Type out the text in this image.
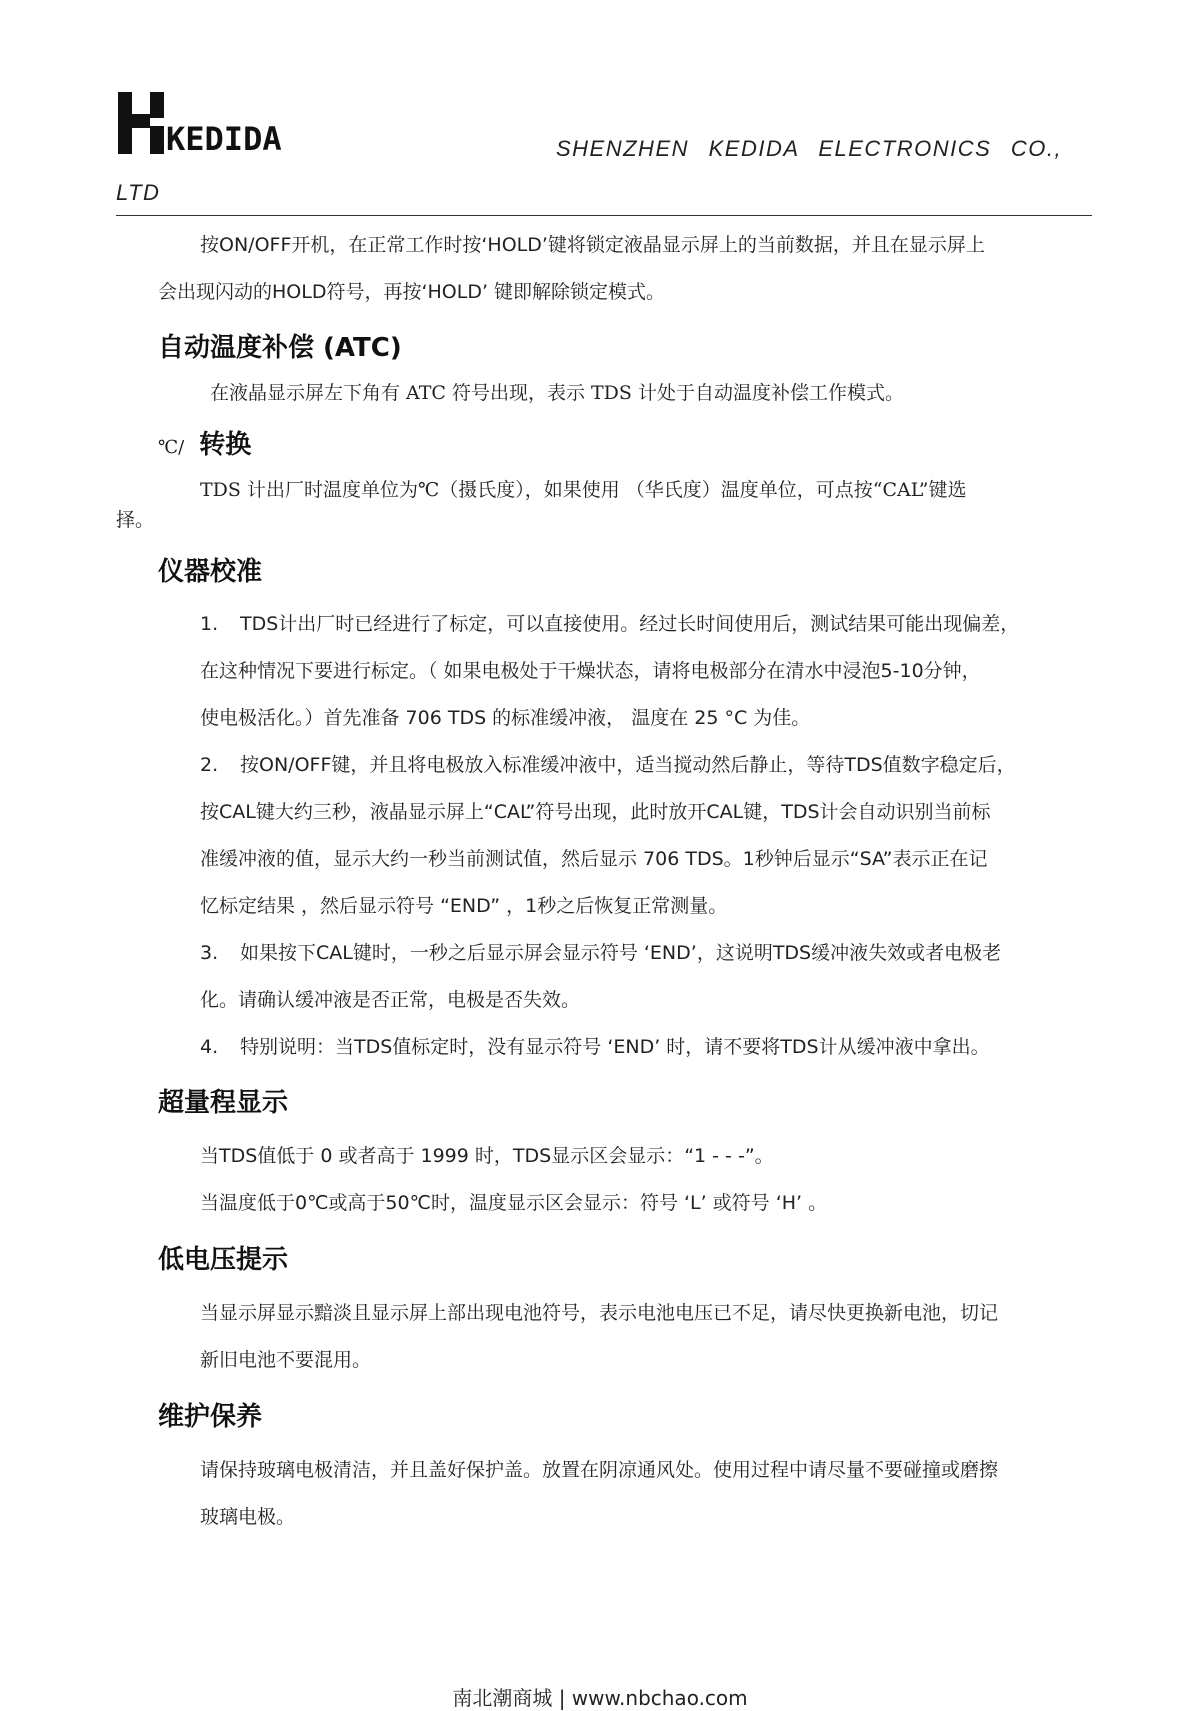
KEDIDA	SHENZHEN KEDIDA ELECTRONICS CO.,
LTD
按ON/OFF开机，在正常工作时按‘HOLD’键将锁定液晶显示屏上的当前数据，并且在显示屏上
会出现闪动的HOLD符号，再按‘HOLD’ 键即解除锁定模式。
自动温度补偿 (ATC)
在液晶显示屏左下角有 ATC 符号出现，表示 TDS 计处于自动温度补偿工作模式。
℃/ 转换
TDS 计出厂时温度单位为℃（摄氏度），如果使用 （华氏度）温度单位，可点按“CAL”键选
择。
仪器校准
1. TDS计出厂时已经进行了标定，可以直接使用。经过长时间使用后，测试结果可能出现偏差，
在这种情况下要进行标定。（ 如果电极处于干燥状态，请将电极部分在清水中浸泡5-10分钟，
使电极活化。）首先准备 706 TDS 的标准缓冲液， 温度在 25 °C 为佳。
2. 按ON/OFF键，并且将电极放入标准缓冲液中，适当搅动然后静止，等待TDS值数字稳定后，
按CAL键大约三秒，液晶显示屏上“CAL”符号出现，此时放开CAL键，TDS计会自动识别当前标
准缓冲液的值，显示大约一秒当前测试值，然后显示 706 TDS。1秒钟后显示“SA”表示正在记
忆标定结果 ，然后显示符号 “END” ，1秒之后恢复正常测量。
3. 如果按下CAL键时，一秒之后显示屏会显示符号 ‘END’，这说明TDS缓冲液失效或者电极老
化。请确认缓冲液是否正常，电极是否失效。
4. 特别说明：当TDS值标定时，没有显示符号 ‘END’ 时，请不要将TDS计从缓冲液中拿出。
超量程显示
当TDS值低于 0 或者高于 1999 时，TDS显示区会显示：“1 - - -”。
当温度低于0℃或高于50℃时，温度显示区会显示：符号 ‘L’ 或符号 ‘H’ 。
低电压提示
当显示屏显示黯淡且显示屏上部出现电池符号，表示电池电压已不足，请尽快更换新电池，切记
新旧电池不要混用。
维护保养
请保持玻璃电极清洁，并且盖好保护盖。放置在阴凉通风处。使用过程中请尽量不要碰撞或磨擦
玻璃电极。
南北潮商城 | www.nbchao.com
